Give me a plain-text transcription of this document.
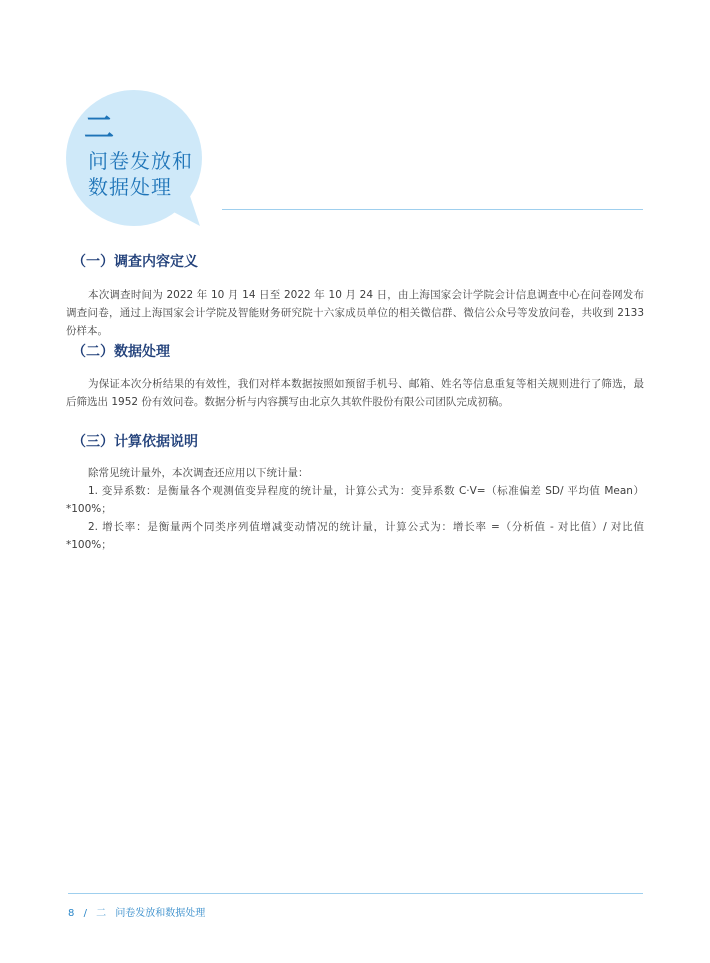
二
问卷发放和
数据处理
（一）调查内容定义

本次调查时间为 2022 年 10 月 14 日至 2022 年 10 月 24 日，由上海国家会计学院会计信息调查中心在问卷网发布调查问卷，通过上海国家会计学院及智能财务研究院十六家成员单位的相关微信群、微信公众号等发放问卷，共收到 2133 份样本。

（二）数据处理

为保证本次分析结果的有效性，我们对样本数据按照如预留手机号、邮箱、姓名等信息重复等相关规则进行了筛选，最后筛选出 1952 份有效问卷。数据分析与内容撰写由北京久其软件股份有限公司团队完成初稿。

（三）计算依据说明

除常见统计量外，本次调查还应用以下统计量：

1. 变异系数：是衡量各个观测值变异程度的统计量，计算公式为：变异系数 C·V=（标准偏差 SD/ 平均值 Mean）*100%；

2. 增长率：是衡量两个同类序列值增减变动情况的统计量，计算公式为：增长率 =（分析值 - 对比值）/ 对比值 *100%；

8 / 二 问卷发放和数据处理
